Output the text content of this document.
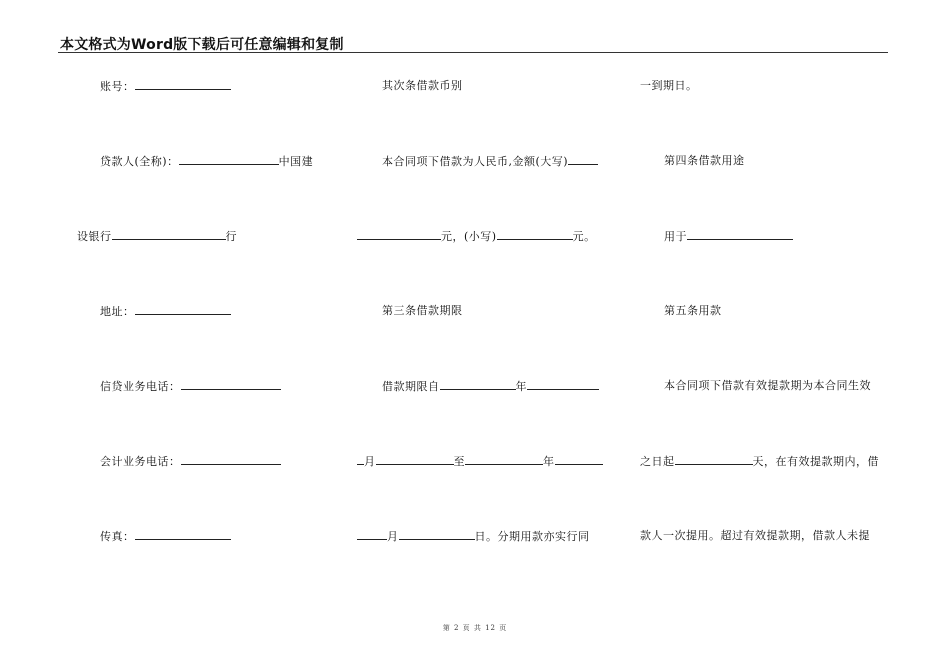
本文格式为Word版下载后可任意编辑和复制
账号：
贷款人(全称)：	中国建
设银行	行
地址：
信贷业务电话：
会计业务电话：
传真：
其次条借款币别
本合同项下借款为人民币,金额(大写)
元，(小写)	元。
第三条借款期限
借款期限自	年
月	至	年
月	日。分期用款亦实行同
一到期日。
第四条借款用途
用于
第五条用款
本合同项下借款有效提款期为本合同生效
之日起	天，在有效提款期内，借
款人一次提用。超过有效提款期，借款人未提
第 2 页 共 12 页
